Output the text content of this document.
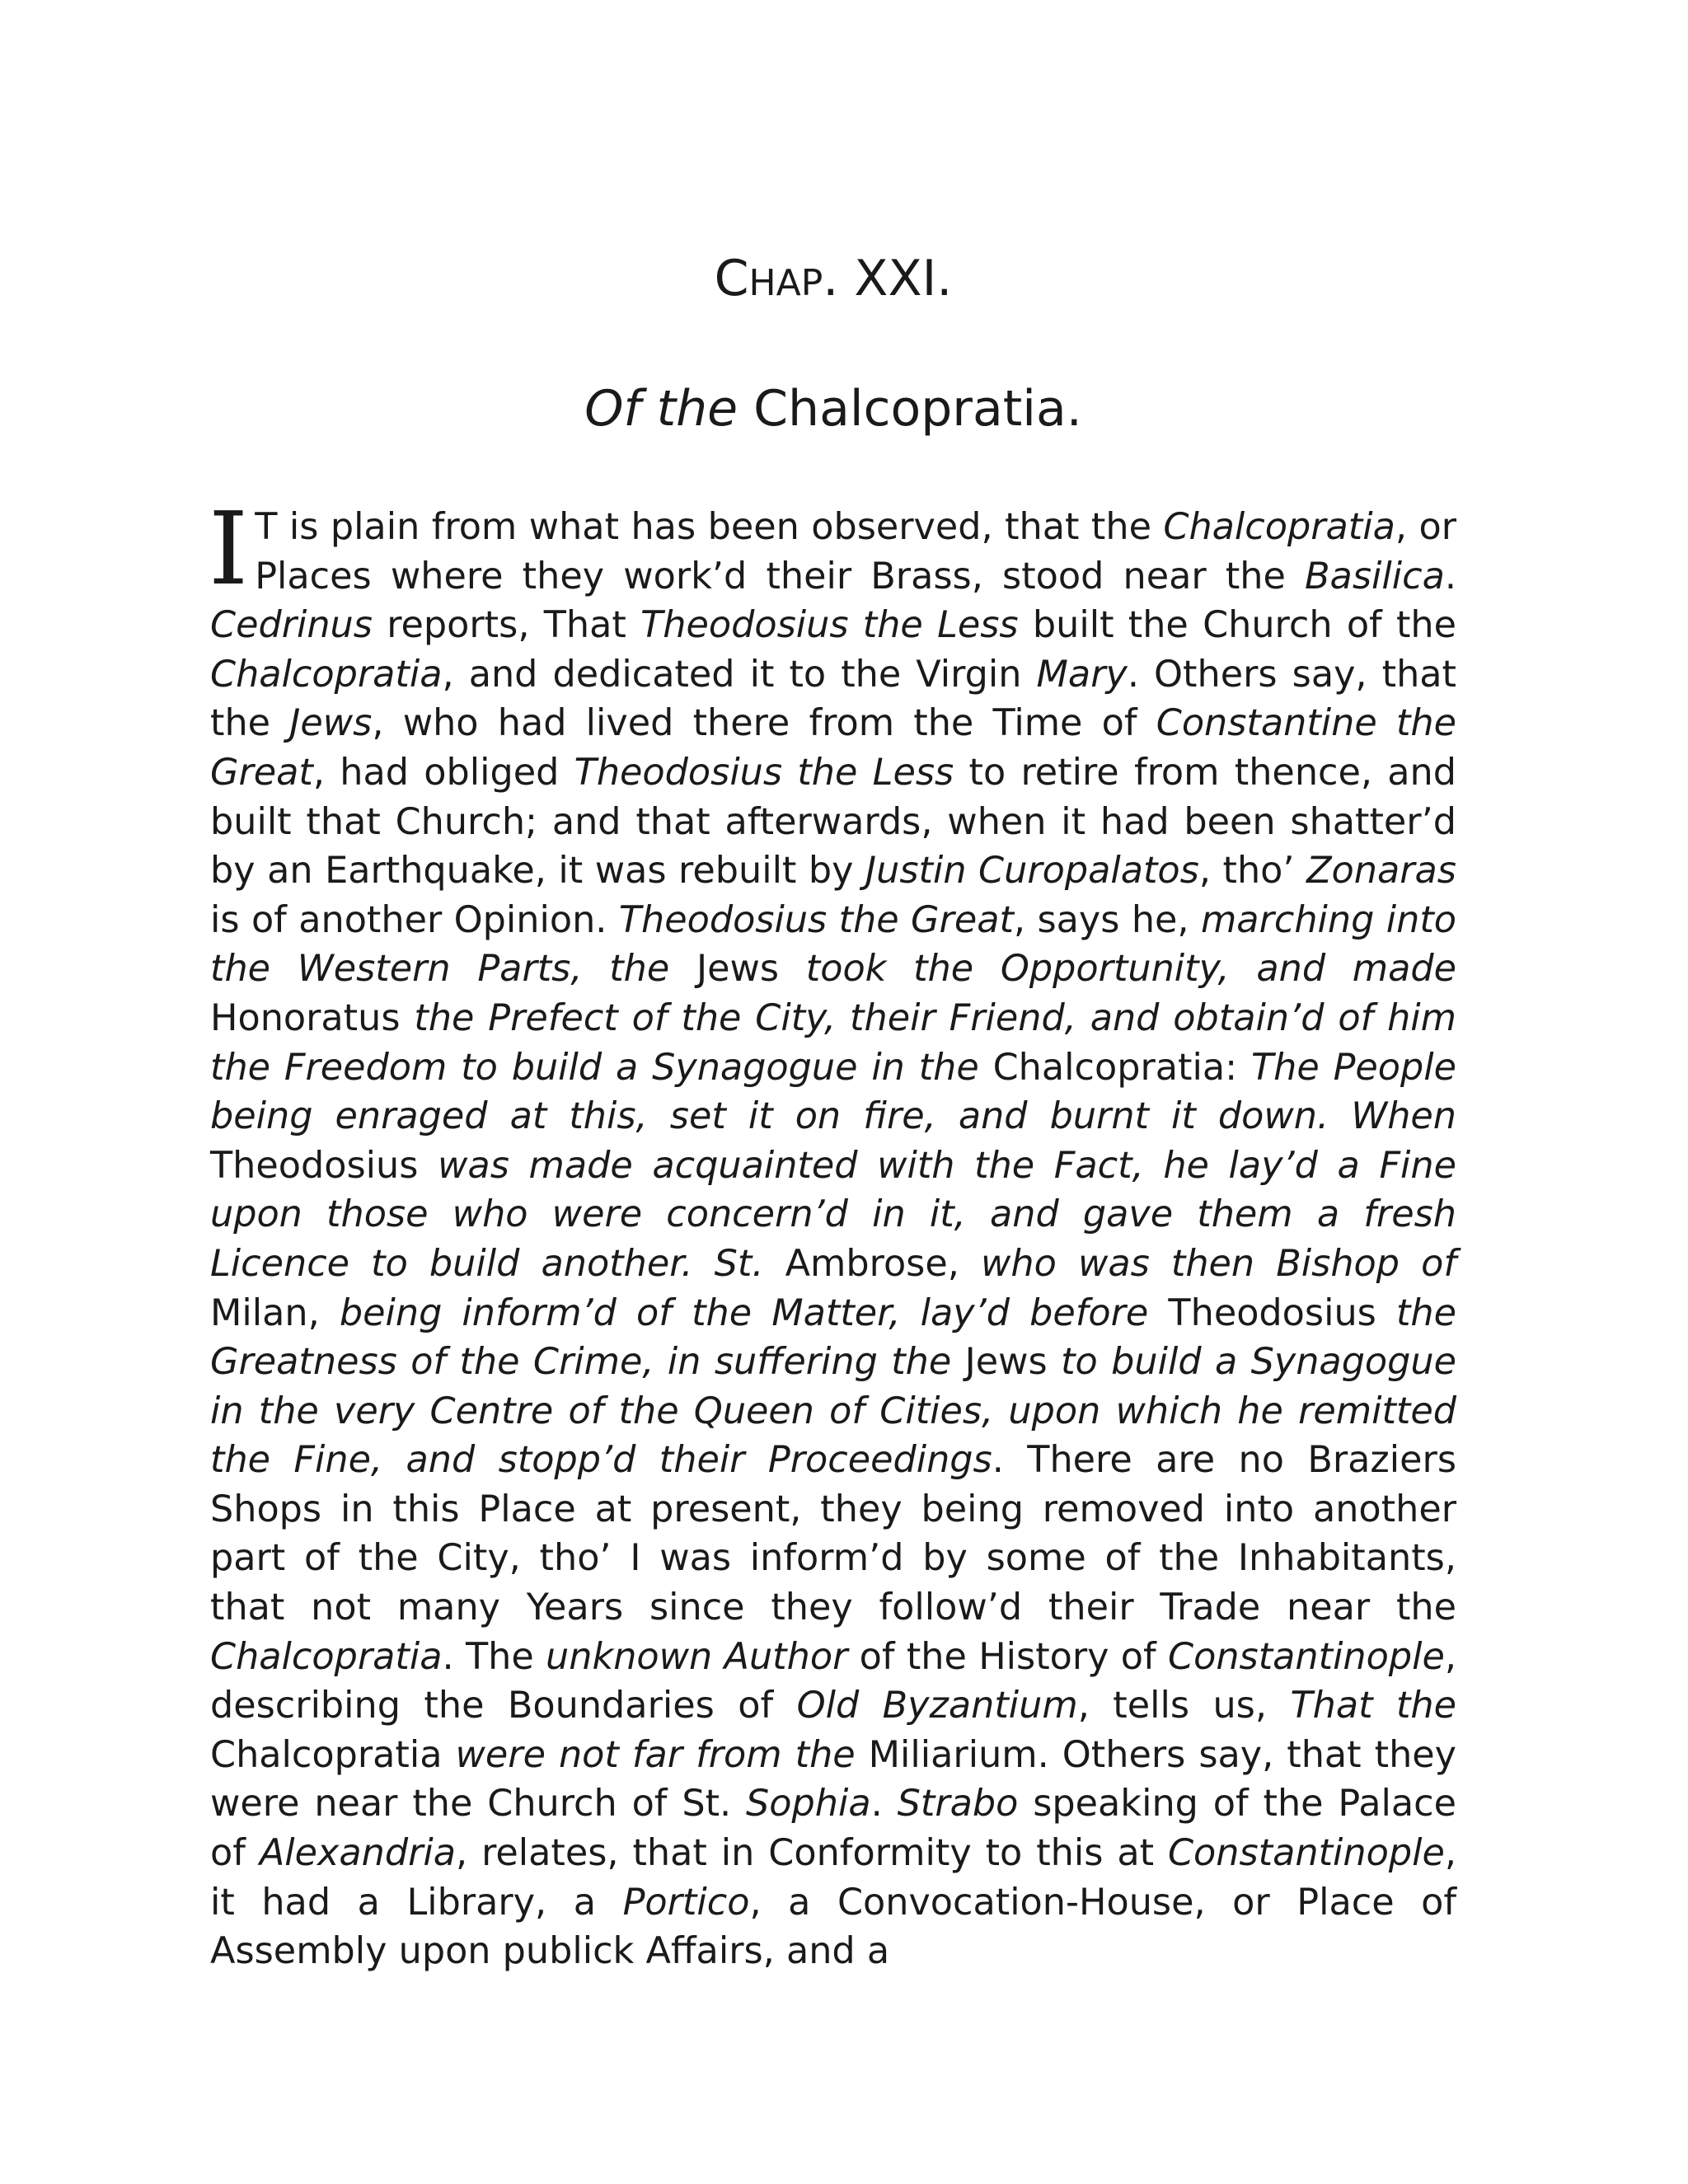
CHAP. XXI.
Of the Chalcopratia.

I T is plain from what has been observed, that the Chalcopratia, or Places where they work’d their Brass, stood near the Basilica. Cedrinus reports, That Theodosius the Less built the Church of the Chalcopratia, and dedicated it to the Virgin Mary. Others say, that the Jews, who had lived there from the Time of Constantine the Great, had obliged Theodosius the Less to retire from thence, and built that Church; and that afterwards, when it had been shatter’d by an Earthquake, it was rebuilt by Justin Curopalatos, tho’ Zonaras is of another Opinion. Theodosius the Great, says he, marching into the Western Parts, the Jews took the Opportunity, and made Honoratus the Prefect of the City, their Friend, and obtain’d of him the Freedom to build a Synagogue in the Chalcopratia: The People being enraged at this, set it on fire, and burnt it down. When Theodosius was made acquainted with the Fact, he lay’d a Fine upon those who were concern’d in it, and gave them a fresh Licence to build another. St. Ambrose, who was then Bishop of Milan, being inform’d of the Matter, lay’d before Theodosius the Greatness of the Crime, in suffering the Jews to build a Synagogue in the very Centre of the Queen of Cities, upon which he remitted the Fine, and stopp’d their Proceedings. There are no Braziers Shops in this Place at present, they being removed into another part of the City, tho’ I was inform’d by some of the Inhabitants, that not many Years since they follow’d their Trade near the Chalcopratia. The unknown Author of the History of Constantinople, describing the Boundaries of Old Byzantium, tells us, That the Chalcopratia were not far from the Miliarium. Others say, that they were near the Church of St. Sophia. Strabo speaking of the Palace of Alexandria, relates, that in Conformity to this at Constantinople, it had a Library, a Portico, a Convocation-House, or Place of Assembly upon publick Affairs, and a
